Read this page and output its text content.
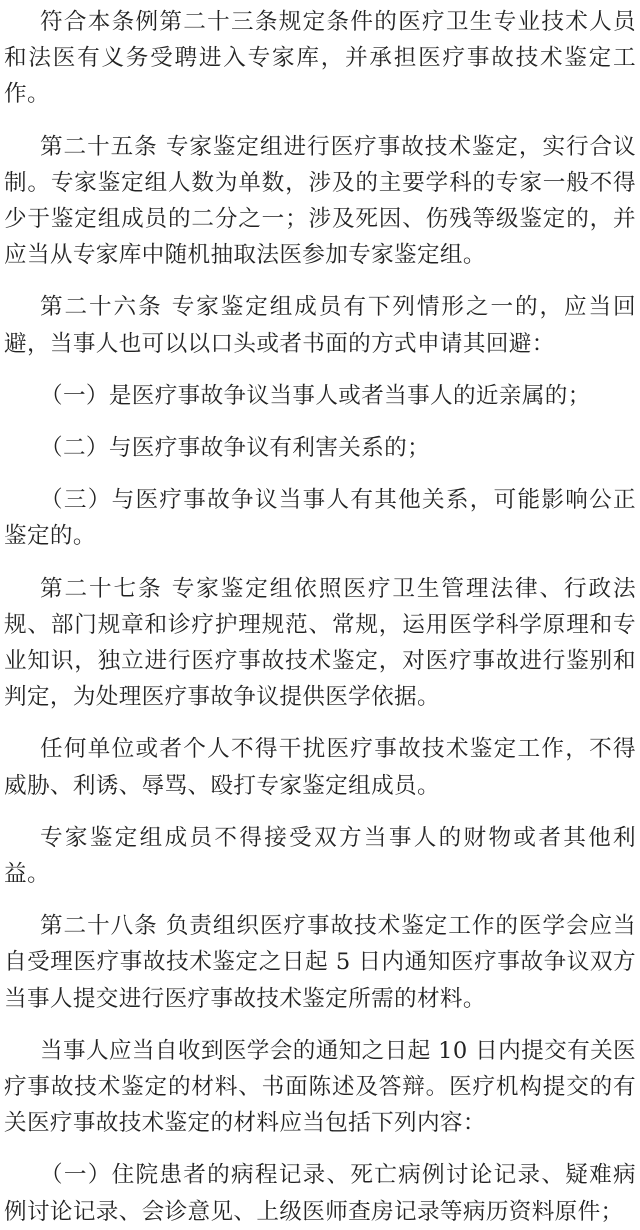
符合本条例第二十三条规定条件的医疗卫生专业技术人员和法医有义务受聘进入专家库，并承担医疗事故技术鉴定工作。

第二十五条 专家鉴定组进行医疗事故技术鉴定，实行合议制。专家鉴定组人数为单数，涉及的主要学科的专家一般不得少于鉴定组成员的二分之一；涉及死因、伤残等级鉴定的，并应当从专家库中随机抽取法医参加专家鉴定组。

第二十六条 专家鉴定组成员有下列情形之一的，应当回避，当事人也可以以口头或者书面的方式申请其回避：

（一）是医疗事故争议当事人或者当事人的近亲属的；

（二）与医疗事故争议有利害关系的；

（三）与医疗事故争议当事人有其他关系，可能影响公正鉴定的。

第二十七条 专家鉴定组依照医疗卫生管理法律、行政法规、部门规章和诊疗护理规范、常规，运用医学科学原理和专业知识，独立进行医疗事故技术鉴定，对医疗事故进行鉴别和判定，为处理医疗事故争议提供医学依据。

任何单位或者个人不得干扰医疗事故技术鉴定工作，不得威胁、利诱、辱骂、殴打专家鉴定组成员。

专家鉴定组成员不得接受双方当事人的财物或者其他利益。

第二十八条 负责组织医疗事故技术鉴定工作的医学会应当自受理医疗事故技术鉴定之日起 5 日内通知医疗事故争议双方当事人提交进行医疗事故技术鉴定所需的材料。

当事人应当自收到医学会的通知之日起 10 日内提交有关医疗事故技术鉴定的材料、书面陈述及答辩。医疗机构提交的有关医疗事故技术鉴定的材料应当包括下列内容：

（一）住院患者的病程记录、死亡病例讨论记录、疑难病例讨论记录、会诊意见、上级医师查房记录等病历资料原件；
